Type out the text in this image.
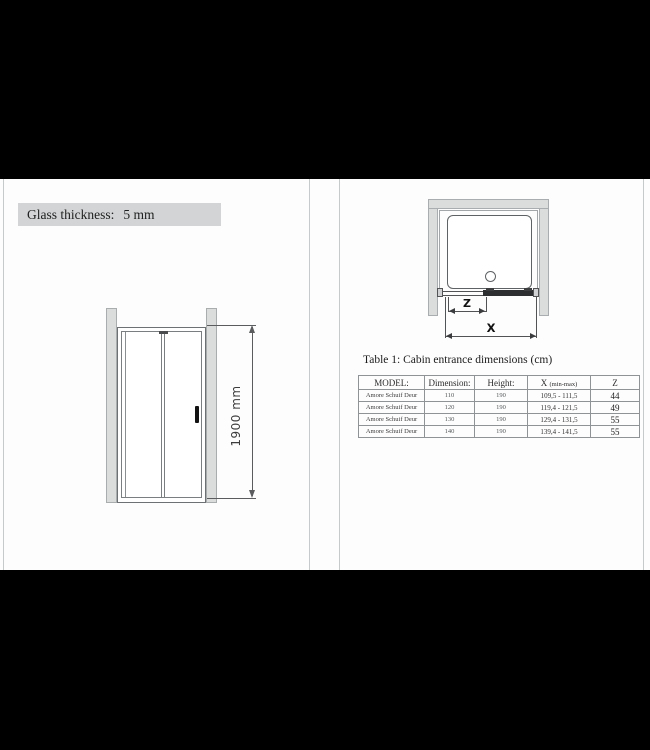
Glass thickness: 5 mm
1900 mm
Z
X
Table 1: Cabin entrance dimensions (cm)
MODEL:	Dimension:	Height:	X (min-max)	Z
Amore Schuif Deur	110	190	109,5 - 111,5	44
Amore Schuif Deur	120	190	119,4 - 121,5	49
Amore Schuif Deur	130	190	129,4 - 131,5	55
Amore Schuif Deur	140	190	139,4 - 141,5	55
